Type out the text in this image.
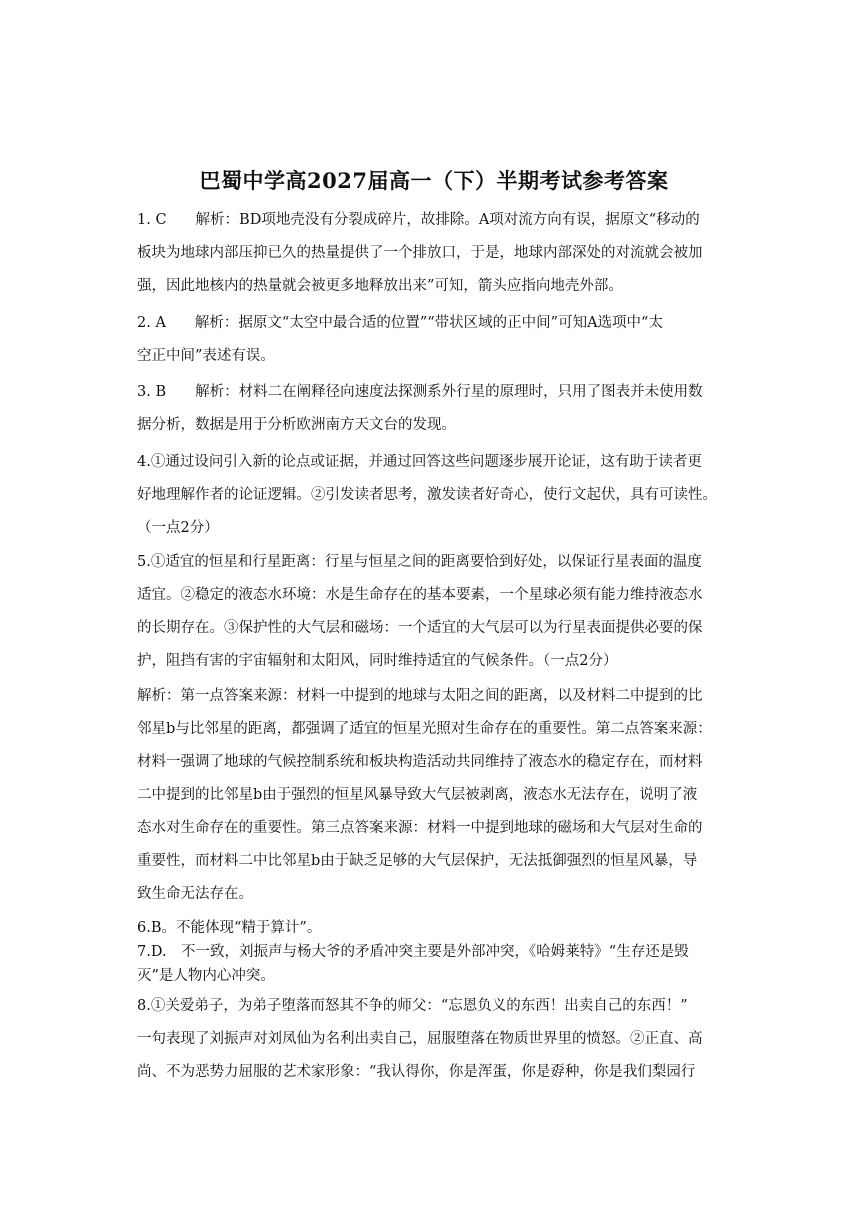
巴蜀中学高2027届高一（下）半期考试参考答案
1. C　　解析：BD项地壳没有分裂成碎片，故排除。A项对流方向有误，据原文“移动的
板块为地球内部压抑已久的热量提供了一个排放口，于是，地球内部深处的对流就会被加
强，因此地核内的热量就会被更多地释放出来”可知，箭头应指向地壳外部。
2. A　　解析：据原文“太空中最合适的位置”“带状区域的正中间”可知A选项中“太
空正中间”表述有误。
3. B　　解析：材料二在阐释径向速度法探测系外行星的原理时，只用了图表并未使用数
据分析，数据是用于分析欧洲南方天文台的发现。
4.①通过设问引入新的论点或证据，并通过回答这些问题逐步展开论证，这有助于读者更
好地理解作者的论证逻辑。②引发读者思考，激发读者好奇心，使行文起伏，具有可读性。
（一点2分）
5.①适宜的恒星和行星距离：行星与恒星之间的距离要恰到好处，以保证行星表面的温度
适宜。②稳定的液态水环境：水是生命存在的基本要素，一个星球必须有能力维持液态水
的长期存在。③保护性的大气层和磁场：一个适宜的大气层可以为行星表面提供必要的保
护，阻挡有害的宇宙辐射和太阳风，同时维持适宜的气候条件。（一点2分）
解析：第一点答案来源：材料一中提到的地球与太阳之间的距离，以及材料二中提到的比
邻星b与比邻星的距离，都强调了适宜的恒星光照对生命存在的重要性。第二点答案来源：
材料一强调了地球的气候控制系统和板块构造活动共同维持了液态水的稳定存在，而材料
二中提到的比邻星b由于强烈的恒星风暴导致大气层被剥离，液态水无法存在，说明了液
态水对生命存在的重要性。第三点答案来源：材料一中提到地球的磁场和大气层对生命的
重要性，而材料二中比邻星b由于缺乏足够的大气层保护，无法抵御强烈的恒星风暴，导
致生命无法存在。
6.B。不能体现“精于算计”。
7.D.　不一致，刘振声与杨大爷的矛盾冲突主要是外部冲突，《哈姆莱特》“生存还是毁
灭”是人物内心冲突。
8.①关爱弟子，为弟子堕落而怒其不争的师父：“忘恩负义的东西！出卖自己的东西！”
一句表现了刘振声对刘凤仙为名利出卖自己，屈服堕落在物质世界里的愤怒。②正直、高
尚、不为恶势力屈服的艺术家形象：“我认得你，你是浑蛋，你是孬种，你是我们梨园行
